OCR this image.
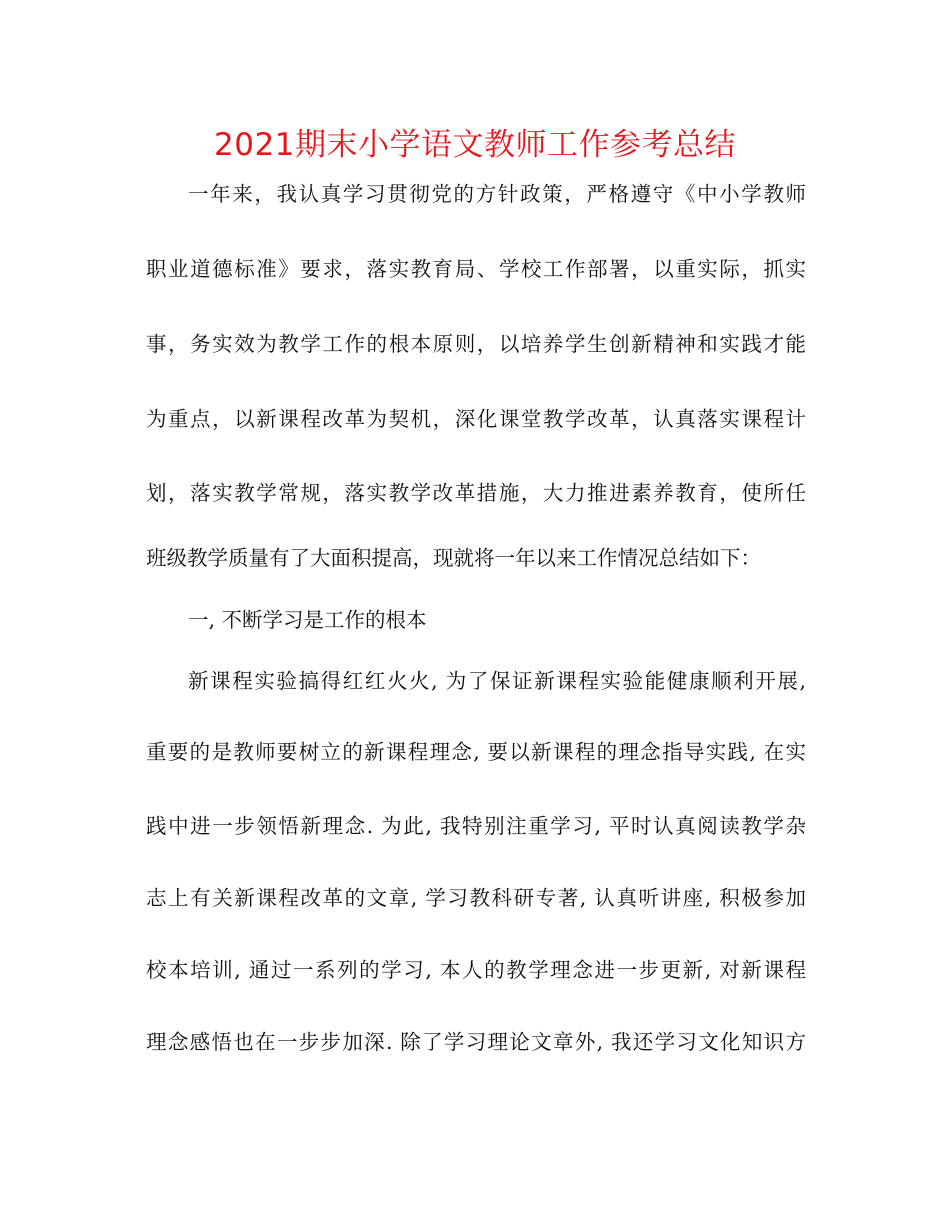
2021期末小学语文教师工作参考总结
一年来，我认真学习贯彻党的方针政策，严格遵守《中小学教师
职业道德标准》要求，落实教育局、学校工作部署，以重实际，抓实
事，务实效为教学工作的根本原则，以培养学生创新精神和实践才能
为重点，以新课程改革为契机，深化课堂教学改革，认真落实课程计
划，落实教学常规，落实教学改革措施，大力推进素养教育，使所任
班级教学质量有了大面积提高，现就将一年以来工作情况总结如下：
一, 不断学习是工作的根本
新课程实验搞得红红火火, 为了保证新课程实验能健康顺利开展,
重要的是教师要树立的新课程理念, 要以新课程的理念指导实践, 在实
践中进一步领悟新理念. 为此, 我特别注重学习, 平时认真阅读教学杂
志上有关新课程改革的文章, 学习教科研专著, 认真听讲座, 积极参加
校本培训, 通过一系列的学习, 本人的教学理念进一步更新, 对新课程
理念感悟也在一步步加深. 除了学习理论文章外, 我还学习文化知识方
